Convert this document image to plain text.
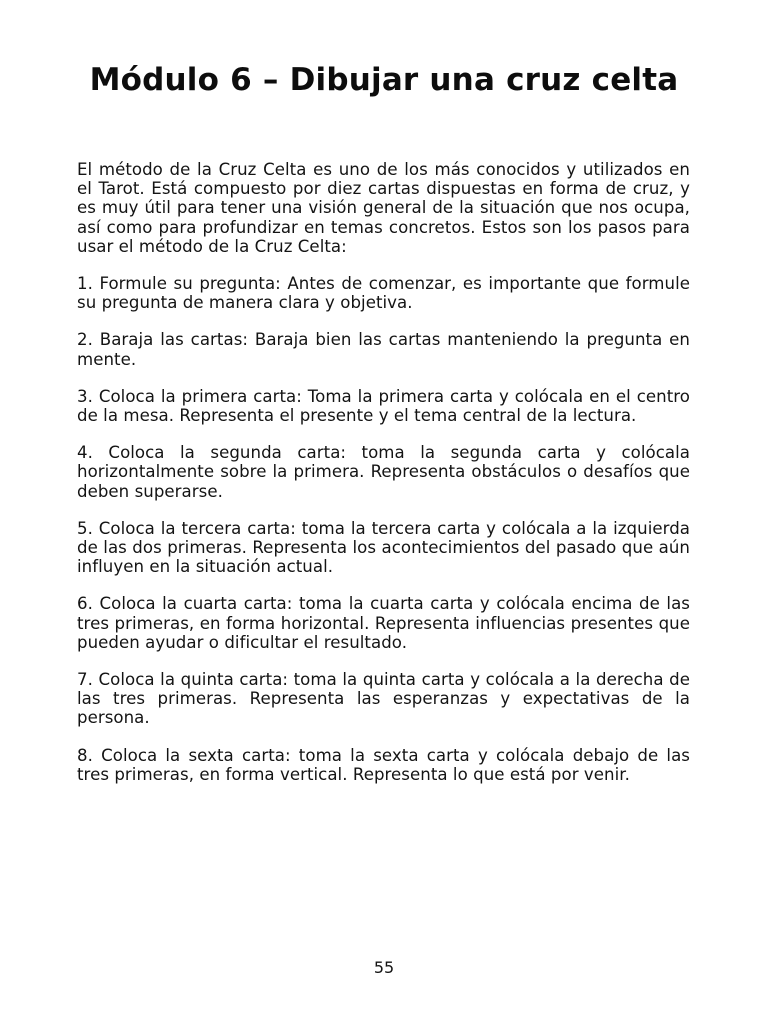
Módulo 6 – Dibujar una cruz celta

El método de la Cruz Celta es uno de los más conocidos y utilizados en el Tarot. Está compuesto por diez cartas dispuestas en forma de cruz, y es muy útil para tener una visión general de la situación que nos ocupa, así como para profundizar en temas concretos. Estos son los pasos para usar el método de la Cruz Celta:

1. Formule su pregunta: Antes de comenzar, es importante que formule su pregunta de manera clara y objetiva.

2. Baraja las cartas: Baraja bien las cartas manteniendo la pregunta en mente.

3. Coloca la primera carta: Toma la primera carta y colócala en el centro de la mesa. Representa el presente y el tema central de la lectura.

4. Coloca la segunda carta: toma la segunda carta y colócala horizontalmente sobre la primera. Representa obstáculos o desafíos que deben superarse.

5. Coloca la tercera carta: toma la tercera carta y colócala a la izquierda de las dos primeras. Representa los acontecimientos del pasado que aún influyen en la situación actual.

6. Coloca la cuarta carta: toma la cuarta carta y colócala encima de las tres primeras, en forma horizontal. Representa influencias presentes que pueden ayudar o dificultar el resultado.

7. Coloca la quinta carta: toma la quinta carta y colócala a la derecha de las tres primeras. Representa las esperanzas y expectativas de la persona.

8. Coloca la sexta carta: toma la sexta carta y colócala debajo de las tres primeras, en forma vertical. Representa lo que está por venir.

55
